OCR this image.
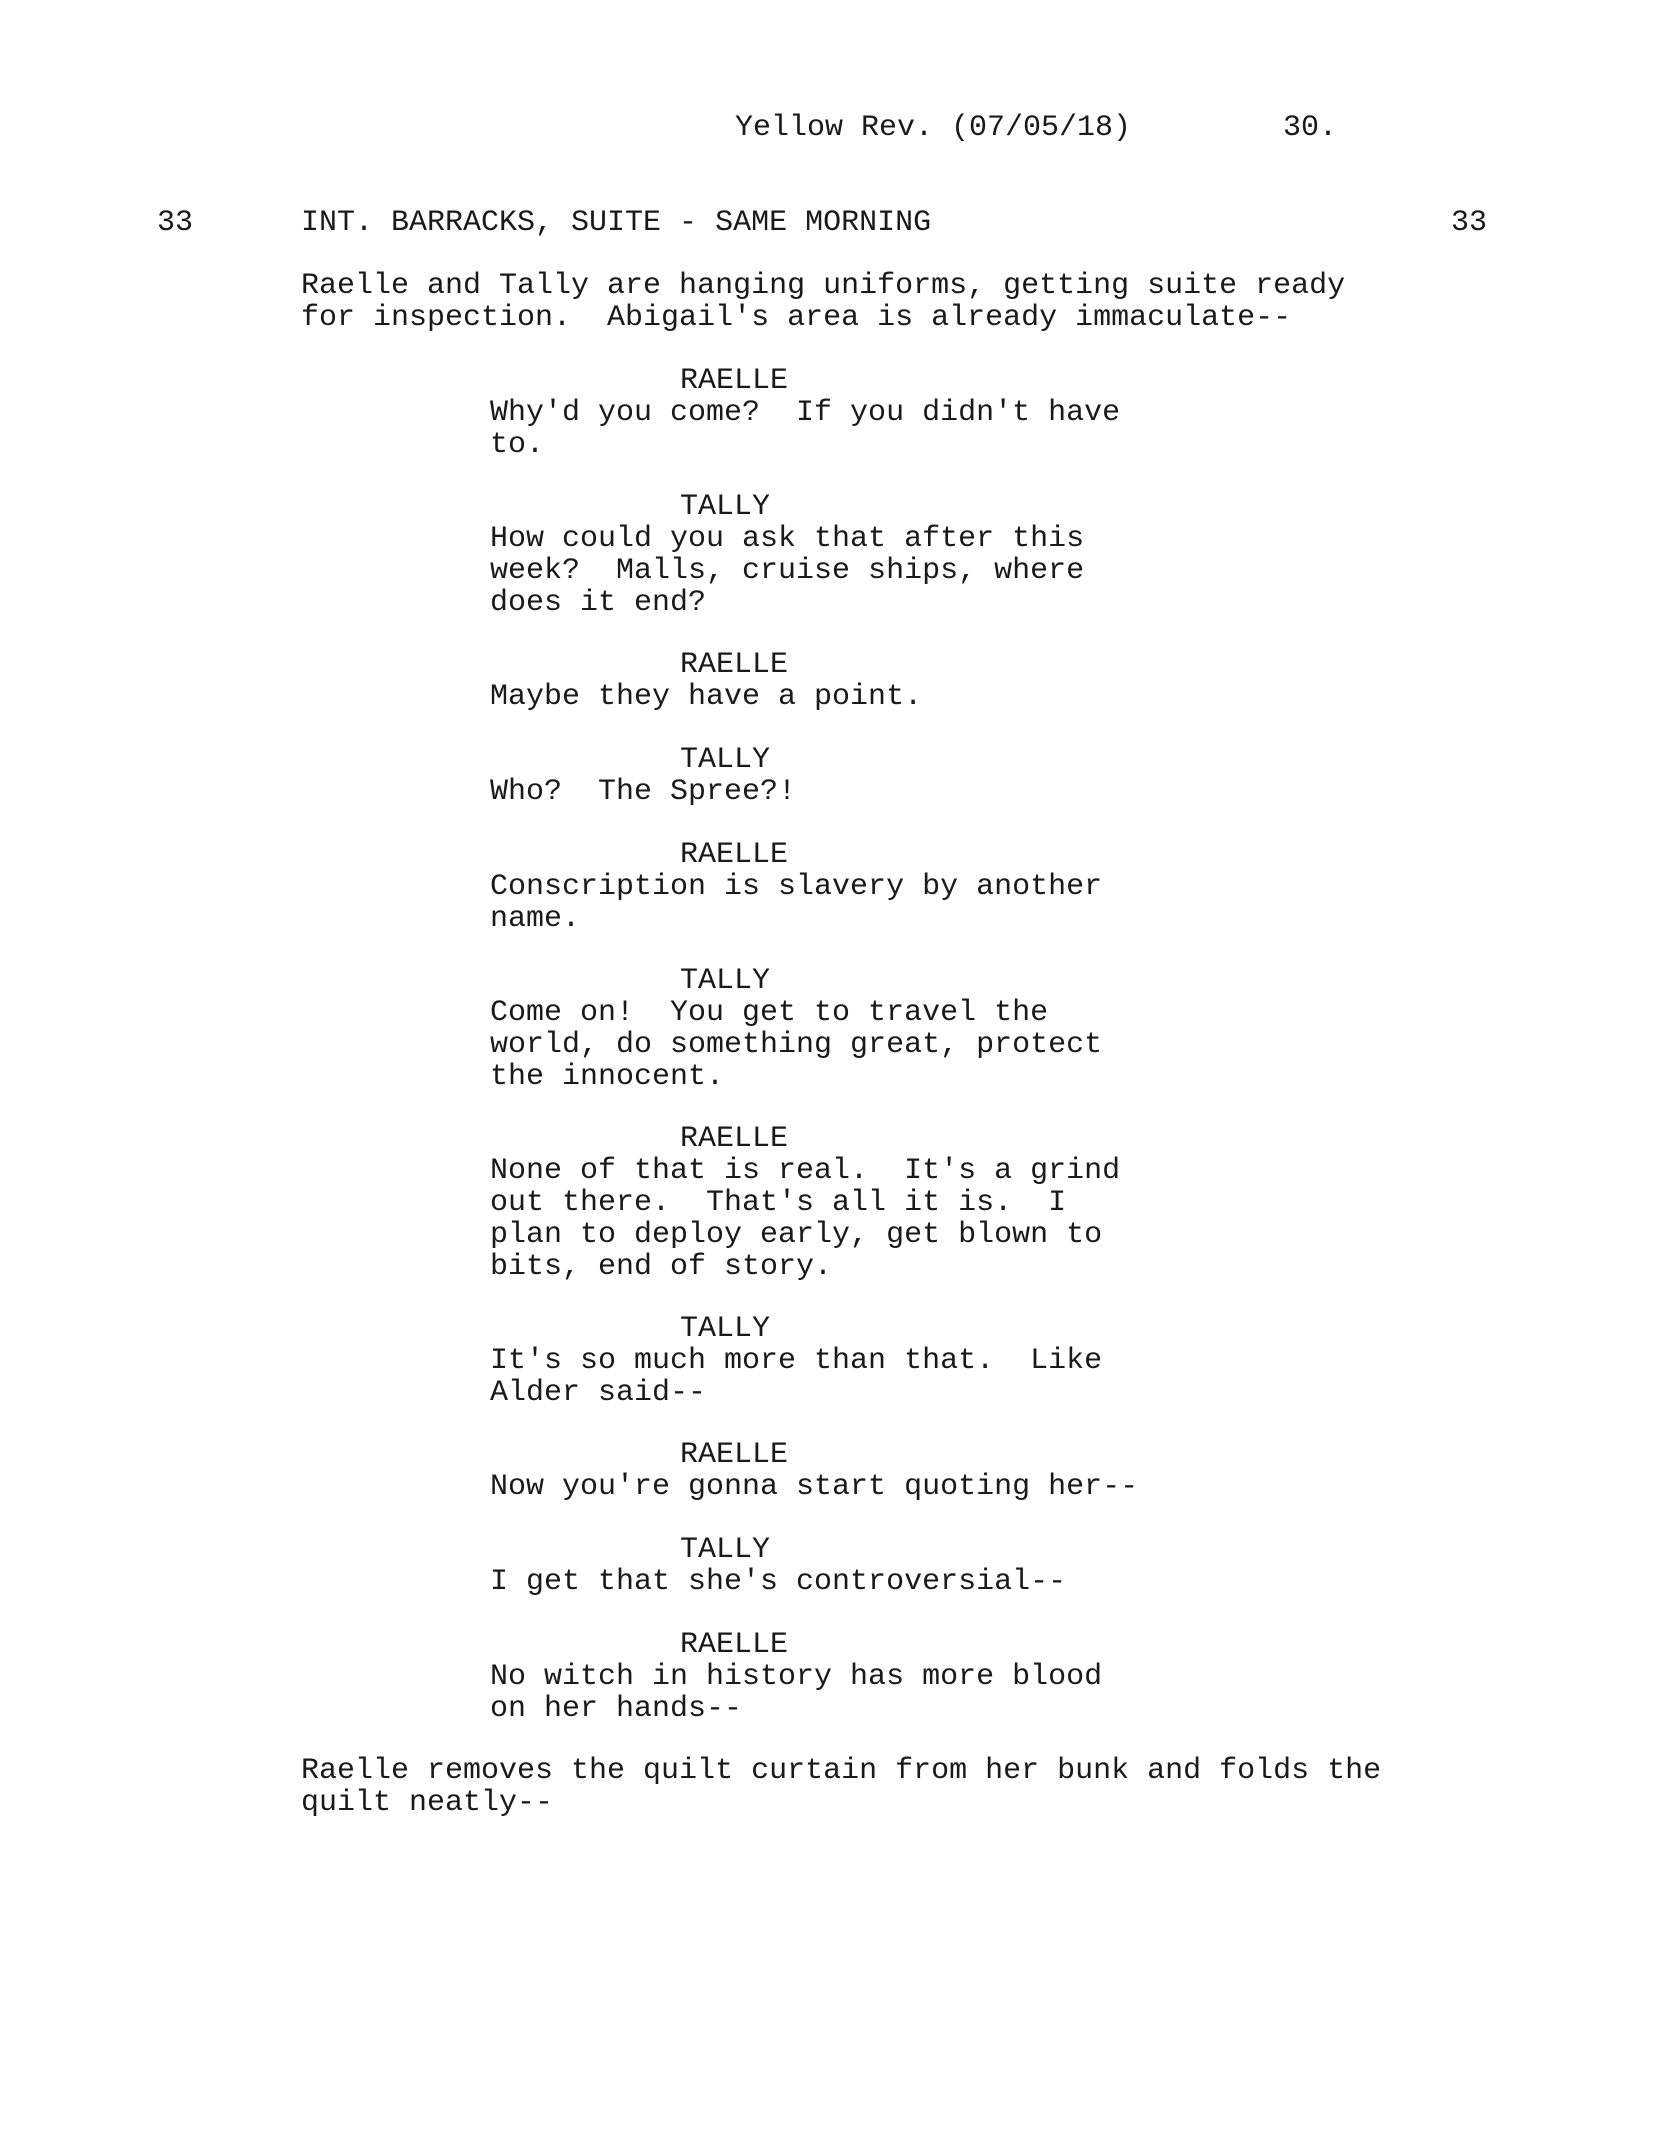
Yellow Rev. (07/05/18)	30.
33	INT. BARRACKS, SUITE - SAME MORNING	33
Raelle and Tally are hanging uniforms, getting suite ready
for inspection.  Abigail's area is already immaculate--
RAELLE
Why'd you come?  If you didn't have
to.
TALLY
How could you ask that after this
week?  Malls, cruise ships, where
does it end?
RAELLE
Maybe they have a point.
TALLY
Who?  The Spree?!
RAELLE
Conscription is slavery by another
name.
TALLY
Come on!  You get to travel the
world, do something great, protect
the innocent.
RAELLE
None of that is real.  It's a grind
out there.  That's all it is.  I
plan to deploy early, get blown to
bits, end of story.
TALLY
It's so much more than that.  Like
Alder said--
RAELLE
Now you're gonna start quoting her--
TALLY
I get that she's controversial--
RAELLE
No witch in history has more blood
on her hands--
Raelle removes the quilt curtain from her bunk and folds the
quilt neatly--
